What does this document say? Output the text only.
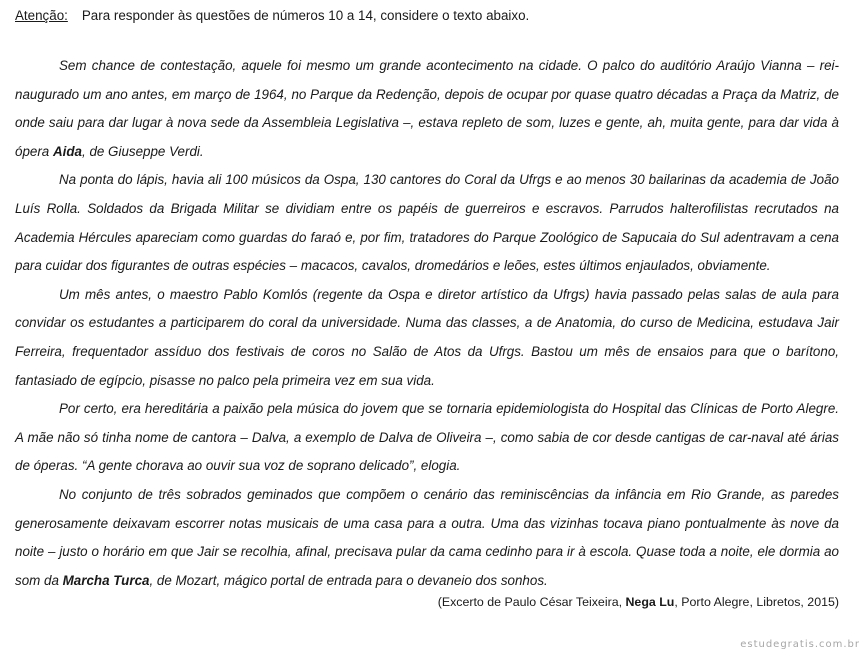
Atenção: Para responder às questões de números 10 a 14, considere o texto abaixo.

Sem chance de contestação, aquele foi mesmo um grande acontecimento na cidade. O palco do auditório Araújo Vianna – rei-naugurado um ano antes, em março de 1964, no Parque da Redenção, depois de ocupar por quase quatro décadas a Praça da Matriz, de onde saiu para dar lugar à nova sede da Assembleia Legislativa –, estava repleto de som, luzes e gente, ah, muita gente, para dar vida à ópera Aida, de Giuseppe Verdi.

Na ponta do lápis, havia ali 100 músicos da Ospa, 130 cantores do Coral da Ufrgs e ao menos 30 bailarinas da academia de João Luís Rolla. Soldados da Brigada Militar se dividiam entre os papéis de guerreiros e escravos. Parrudos halterofilistas recrutados na Academia Hércules apareciam como guardas do faraó e, por fim, tratadores do Parque Zoológico de Sapucaia do Sul adentravam a cena para cuidar dos figurantes de outras espécies – macacos, cavalos, dromedários e leões, estes últimos enjaulados, obviamente.

Um mês antes, o maestro Pablo Komlós (regente da Ospa e diretor artístico da Ufrgs) havia passado pelas salas de aula para convidar os estudantes a participarem do coral da universidade. Numa das classes, a de Anatomia, do curso de Medicina, estudava Jair Ferreira, frequentador assíduo dos festivais de coros no Salão de Atos da Ufrgs. Bastou um mês de ensaios para que o barítono, fantasiado de egípcio, pisasse no palco pela primeira vez em sua vida.

Por certo, era hereditária a paixão pela música do jovem que se tornaria epidemiologista do Hospital das Clínicas de Porto Alegre. A mãe não só tinha nome de cantora – Dalva, a exemplo de Dalva de Oliveira –, como sabia de cor desde cantigas de car-naval até árias de óperas. “A gente chorava ao ouvir sua voz de soprano delicado”, elogia.

No conjunto de três sobrados geminados que compõem o cenário das reminiscências da infância em Rio Grande, as paredes generosamente deixavam escorrer notas musicais de uma casa para a outra. Uma das vizinhas tocava piano pontualmente às nove da noite – justo o horário em que Jair se recolhia, afinal, precisava pular da cama cedinho para ir à escola. Quase toda a noite, ele dormia ao som da Marcha Turca, de Mozart, mágico portal de entrada para o devaneio dos sonhos.

(Excerto de Paulo César Teixeira, Nega Lu, Porto Alegre, Libretos, 2015)
estudegratis.com.br
